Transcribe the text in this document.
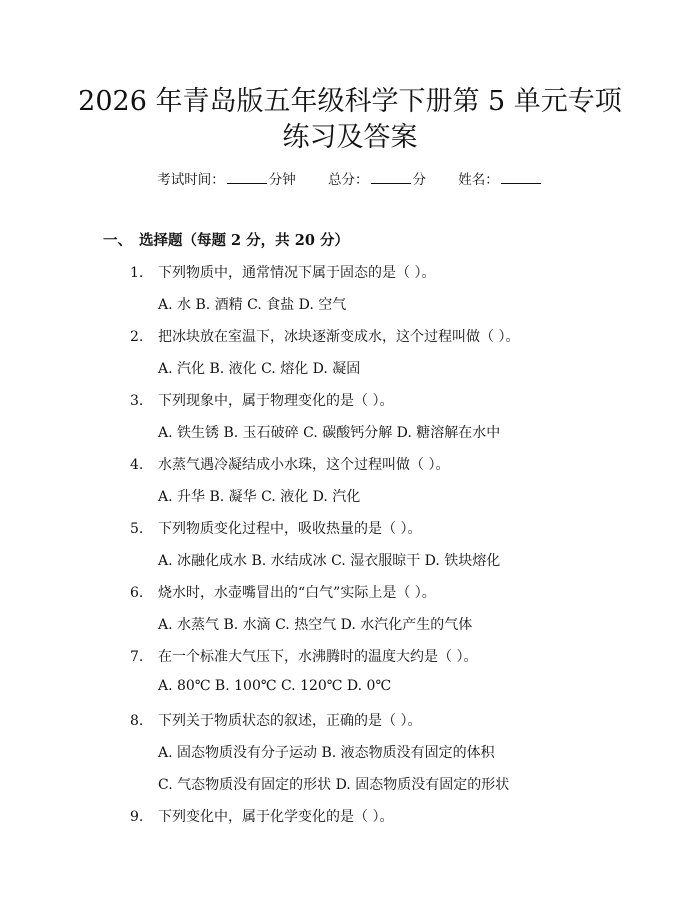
2026 年青岛版五年级科学下册第 5 单元专项
练习及答案
考试时间：	分钟 总分：	分 姓名：
一、 选择题（每题 2 分，共 20 分）
1. 下列物质中，通常情况下属于固态的是（ ）。
A. 水 B. 酒精 C. 食盐 D. 空气
2. 把冰块放在室温下，冰块逐渐变成水，这个过程叫做（ ）。
A. 汽化 B. 液化 C. 熔化 D. 凝固
3. 下列现象中，属于物理变化的是（ ）。
A. 铁生锈 B. 玉石破碎 C. 碳酸钙分解 D. 糖溶解在水中
4. 水蒸气遇冷凝结成小水珠，这个过程叫做（ ）。
A. 升华 B. 凝华 C. 液化 D. 汽化
5. 下列物质变化过程中，吸收热量的是（ ）。
A. 冰融化成水 B. 水结成冰 C. 湿衣服晾干 D. 铁块熔化
6. 烧水时，水壶嘴冒出的“白气”实际上是（ ）。
A. 水蒸气 B. 水滴 C. 热空气 D. 水汽化产生的气体
7. 在一个标准大气压下，水沸腾时的温度大约是（ ）。
A. 80℃ B. 100℃ C. 120℃ D. 0℃
8. 下列关于物质状态的叙述，正确的是（ ）。
A. 固态物质没有分子运动 B. 液态物质没有固定的体积
C. 气态物质没有固定的形状 D. 固态物质没有固定的形状
9. 下列变化中，属于化学变化的是（ ）。
